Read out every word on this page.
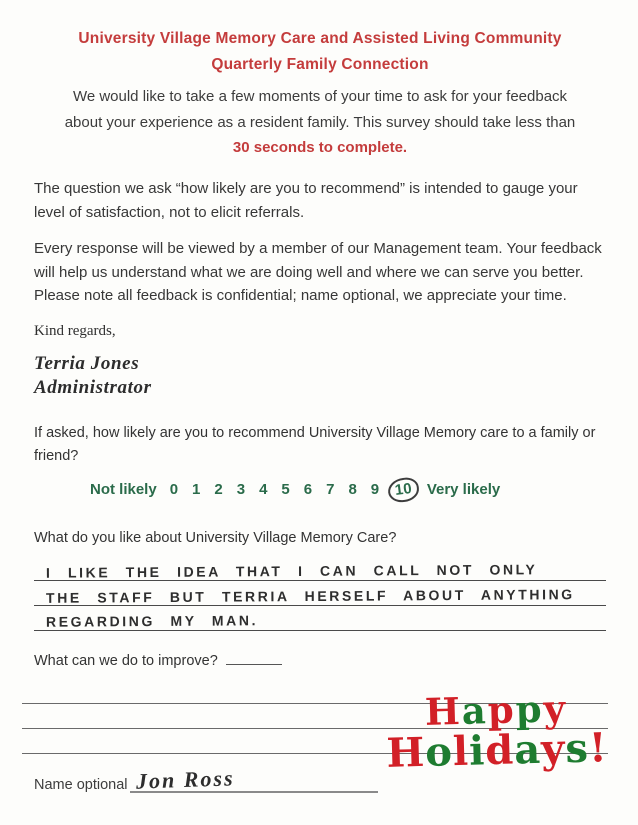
University Village Memory Care and Assisted Living Community
Quarterly Family Connection
We would like to take a few moments of your time to ask for your feedback
about your experience as a resident family. This survey should take less than
30 seconds to complete.
The question we ask “how likely are you to recommend” is intended to gauge your level of satisfaction, not to elicit referrals.
Every response will be viewed by a member of our Management team. Your feedback will help us understand what we are doing well and where we can serve you better. Please note all feedback is confidential; name optional, we appreciate your time.
Kind regards,
Terria Jones
Administrator
If asked, how likely are you to recommend University Village Memory care to a family or friend?
Not likely 0 1 2 3 4 5 6 7 8 9 10 Very likely
What do you like about University Village Memory Care?
I LIKE THE IDEA THAT I CAN CALL NOT ONLY
THE STAFF BUT TERRIA HERSELF ABOUT ANYTHING
REGARDING MY MAN.
What can we do to improve?
Happy
Holidays!
Name optional Jon Ross
